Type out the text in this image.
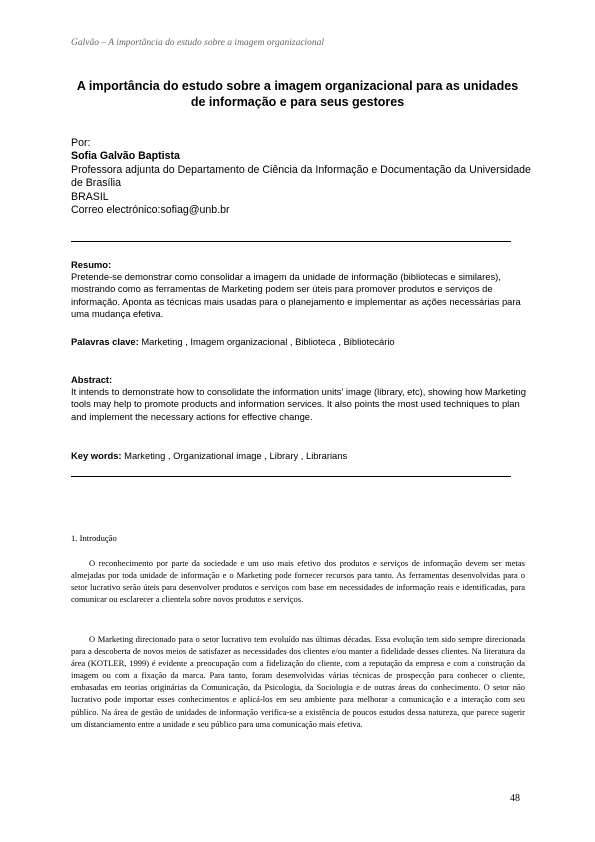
Galvão – A importância do estudo sobre a imagem organizacional
A importância do estudo sobre a imagem organizacional para as unidades de informação e para seus gestores
Por:
Sofia Galvão Baptista
Professora adjunta do Departamento de Ciência da Informação e Documentação da Universidade de Brasília
BRASIL
Correo electrónico:sofiag@unb.br
Resumo:
Pretende-se demonstrar como consolidar a imagem da unidade de informação (bibliotecas e similares), mostrando como as ferramentas de Marketing podem ser úteis para promover produtos e serviços de informação. Aponta as técnicas mais usadas para o planejamento e implementar as ações necessárias para uma mudança efetiva.
Palavras clave: Marketing , Imagem organizacional , Biblioteca , Bibliotecário
Abstract:
It intends to demonstrate how to consolidate the information units' image (library, etc), showing how Marketing tools may help to promote products and information services. It also points the most used techniques to plan and implement the necessary actions for effective change.
Key words: Marketing , Organizational image , Library , Librarians
1. Introdução
O reconhecimento por parte da sociedade e um uso mais efetivo dos produtos e serviços de informação devem ser metas almejadas por toda unidade de informação e o Marketing pode fornecer recursos para tanto. As ferramentas desenvolvidas para o setor lucrativo serão úteis para desenvolver produtos e serviços com base em necessidades de informação reais e identificadas, para comunicar ou esclarecer a clientela sobre novos produtos e serviços.
O Marketing direcionado para o setor lucrativo tem evoluído nas últimas décadas. Essa evolução tem sido sempre direcionada para a descoberta de novos meios de satisfazer as necessidades dos clientes e/ou manter a fidelidade desses clientes. Na literatura da área (KOTLER, 1999) é evidente a preocupação com a fidelização do cliente, com a reputação da empresa e com a construção da imagem ou com a fixação da marca. Para tanto, foram desenvolvidas várias técnicas de prospecção para conhecer o cliente, embasadas em teorias originárias da Comunicação, da Psicologia, da Sociologia e de outras áreas do conhecimento. O setor não lucrativo pode importar esses conhecimentos e aplicá-los em seu ambiente para melhorar a comunicação e a interação com seu público. Na área de gestão de unidades de informação verifica-se a existência de poucos estudos dessa natureza, que parece sugerir um distanciamento entre a unidade e seu público para uma comunicação mais efetiva.
48
